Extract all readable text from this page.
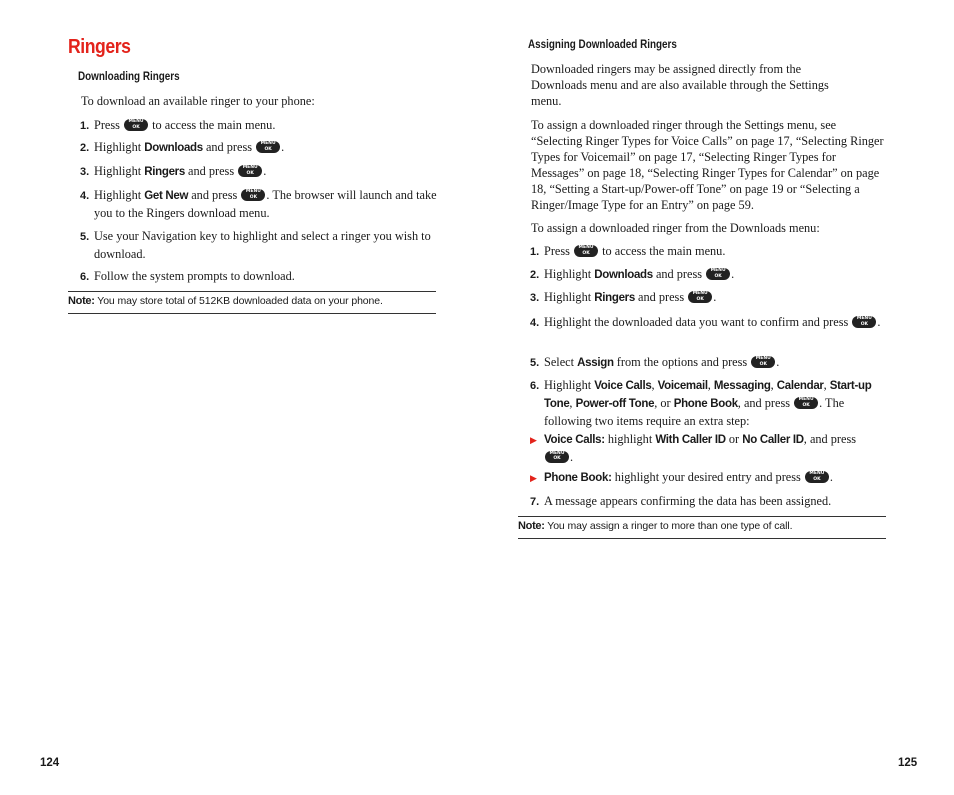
Ringers
Downloading Ringers
To download an available ringer to your phone:
1. Press MENU OK	to access the main menu.
2. Highlight Downloads and press MENU OK .
3. Highlight Ringers and press MENU OK .
4. Highlight Get New and press MENU OK . The browser will launch and take you to the Ringers download menu.
5. Use your Navigation key to highlight and select a ringer you wish to download.
6. Follow the system prompts to download.
Note: You may store total of 512KB downloaded data on your phone.
124
Assigning Downloaded Ringers
Downloaded ringers may be assigned directly from the Downloads menu and are also available through the Settings menu.
To assign a downloaded ringer through the Settings menu, see “Selecting Ringer Types for Voice Calls” on page 17, “Selecting Ringer Types for Voicemail” on page 17, “Selecting Ringer Types for Messages” on page 18, “Selecting Ringer Types for Calendar” on page 18, “Setting a Start-up/Power-off Tone” on page 19 or “Selecting a Ringer/Image Type for an Entry” on page 59.
To assign a downloaded ringer from the Downloads menu:
1. Press MENU OK	to access the main menu.
2. Highlight Downloads and press MENU OK .
3. Highlight Ringers and press MENU OK .
4. Highlight the downloaded data you want to confirm and press MENU OK .
5. Select Assign from the options and press MENU OK .
6. Highlight Voice Calls, Voicemail, Messaging, Calendar, Start-up Tone, Power-off Tone, or Phone Book, and press MENU OK . The following two items require an extra step:
▶ Voice Calls: highlight With Caller ID or No Caller ID, and press MENU OK.
▶ Phone Book: highlight your desired entry and press MENU OK .
7. A message appears confirming the data has been assigned.
Note: You may assign a ringer to more than one type of call.
125
